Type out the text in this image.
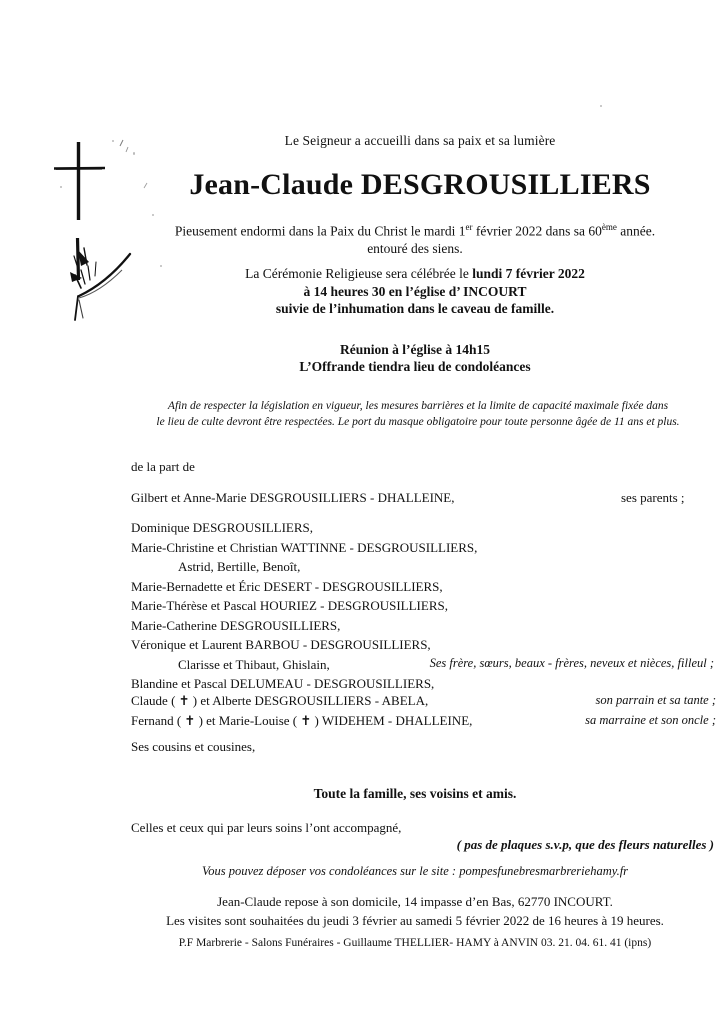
Le Seigneur a accueilli dans sa paix et sa lumière
Jean-Claude DESGROUSILLIERS
Pieusement endormi dans la Paix du Christ le mardi 1er février 2022 dans sa 60ème année.
entouré des siens.
La Cérémonie Religieuse sera célébrée le lundi 7 février 2022
à 14 heures 30 en l’église d’ INCOURT
suivie de l’inhumation dans le caveau de famille.
Réunion à l’église à 14h15
L’Offrande tiendra lieu de condoléances
Afin de respecter la législation en vigueur, les mesures barrières et la limite de capacité maximale fixée dans
le lieu de culte devront être respectées. Le port du masque obligatoire pour toute personne âgée de 11 ans et plus.
de la part de
Gilbert et Anne-Marie DESGROUSILLIERS - DHALLEINE,	ses parents ;
Dominique DESGROUSILLIERS,
Marie-Christine et Christian WATTINNE - DESGROUSILLIERS,
Astrid, Bertille, Benoît,
Marie-Bernadette et Éric DESERT - DESGROUSILLIERS,
Marie-Thérèse et Pascal HOURIEZ - DESGROUSILLIERS,
Marie-Catherine DESGROUSILLIERS,
Véronique et Laurent BARBOU - DESGROUSILLIERS,
Clarisse et Thibaut, Ghislain,
Blandine et Pascal DELUMEAU - DESGROUSILLIERS,
Ses frère, sœurs, beaux - frères, neveux et nièces, filleul ;
Claude ( ✝ ) et Alberte DESGROUSILLIERS - ABELA,	son parrain et sa tante ;
Fernand ( ✝ ) et Marie-Louise ( ✝ ) WIDEHEM - DHALLEINE,	sa marraine et son oncle ;
Ses cousins et cousines,
Toute la famille, ses voisins et amis.
Celles et ceux qui par leurs soins l’ont accompagné,
( pas de plaques s.v.p, que des fleurs naturelles )
Vous pouvez déposer vos condoléances sur le site : pompesfunebresmarbreriehamy.fr
Jean-Claude repose à son domicile, 14 impasse d’en Bas, 62770 INCOURT.
Les visites sont souhaitées du jeudi 3 février au samedi 5 février 2022 de 16 heures à 19 heures.
P.F Marbrerie - Salons Funéraires - Guillaume THELLIER- HAMY à ANVIN 03. 21. 04. 61. 41 (ipns)
